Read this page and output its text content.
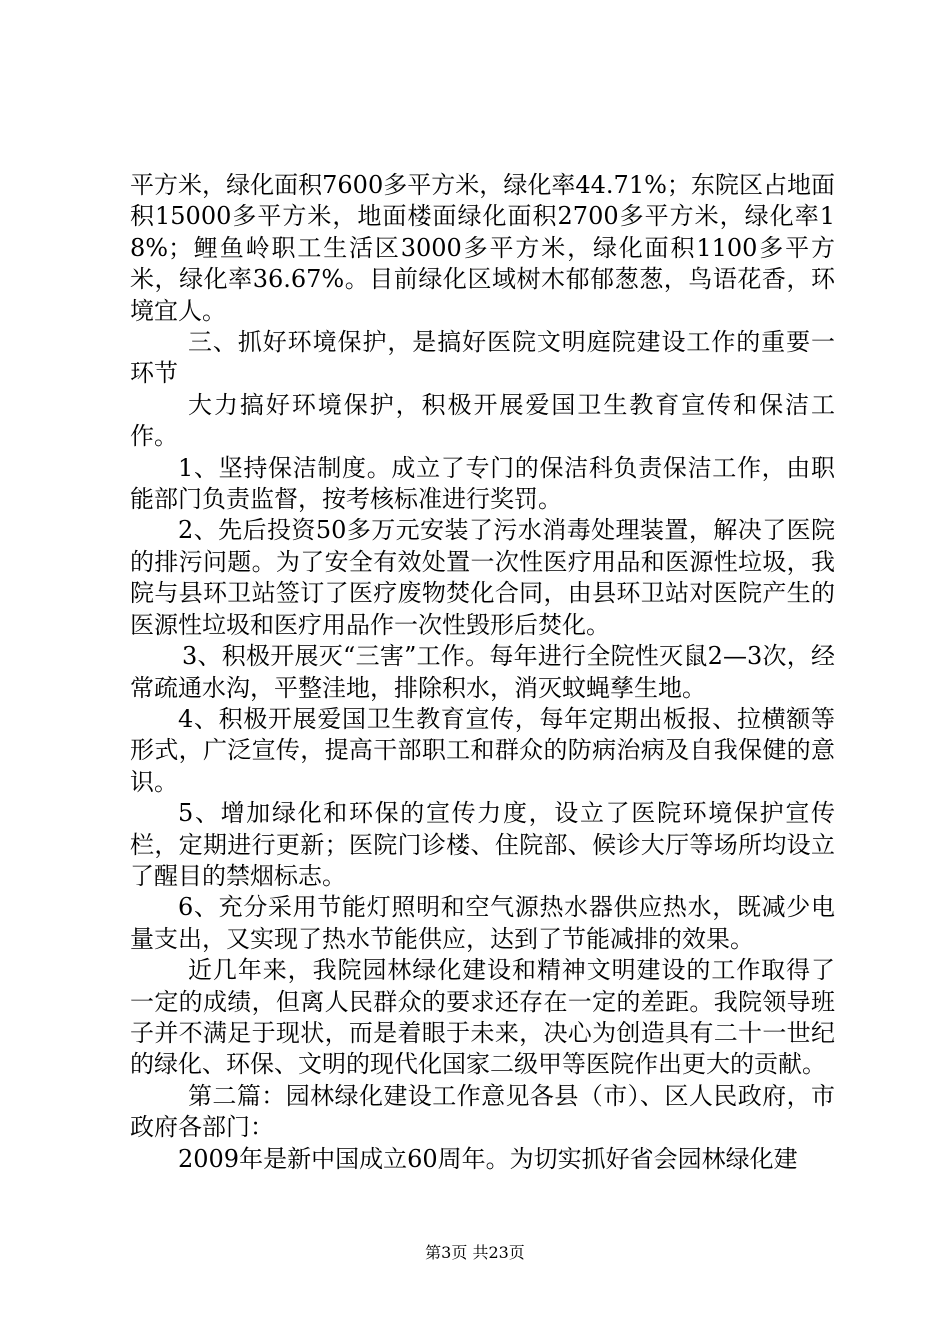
平方米，绿化面积7600多平方米，绿化率44.71%；东院区占地面积15000多平方米，地面楼面绿化面积2700多平方米，绿化率18%；鲤鱼岭职工生活区3000多平方米，绿化面积1100多平方米，绿化率36.67%。目前绿化区域树木郁郁葱葱，鸟语花香，环境宜人。

三、抓好环境保护，是搞好医院文明庭院建设工作的重要一环节

大力搞好环境保护，积极开展爱国卫生教育宣传和保洁工作。

1、坚持保洁制度。成立了专门的保洁科负责保洁工作，由职能部门负责监督，按考核标准进行奖罚。

2、先后投资50多万元安装了污水消毒处理装置，解决了医院的排污问题。为了安全有效处置一次性医疗用品和医源性垃圾，我院与县环卫站签订了医疗废物焚化合同，由县环卫站对医院产生的医源性垃圾和医疗用品作一次性毁形后焚化。

3、积极开展灭“三害”工作。每年进行全院性灭鼠2—3次，经常疏通水沟，平整洼地，排除积水，消灭蚊蝇孳生地。

4、积极开展爱国卫生教育宣传，每年定期出板报、拉横额等形式，广泛宣传，提高干部职工和群众的防病治病及自我保健的意识。

5、增加绿化和环保的宣传力度，设立了医院环境保护宣传栏，定期进行更新；医院门诊楼、住院部、候诊大厅等场所均设立了醒目的禁烟标志。

6、充分采用节能灯照明和空气源热水器供应热水，既减少电量支出，又实现了热水节能供应，达到了节能减排的效果。

近几年来，我院园林绿化建设和精神文明建设的工作取得了一定的成绩，但离人民群众的要求还存在一定的差距。我院领导班子并不满足于现状，而是着眼于未来，决心为创造具有二十一世纪的绿化、环保、文明的现代化国家二级甲等医院作出更大的贡献。

第二篇：园林绿化建设工作意见各县（市）、区人民政府，市政府各部门：

2009年是新中国成立60周年。为切实抓好省会园林绿化建

第3页 共23页
